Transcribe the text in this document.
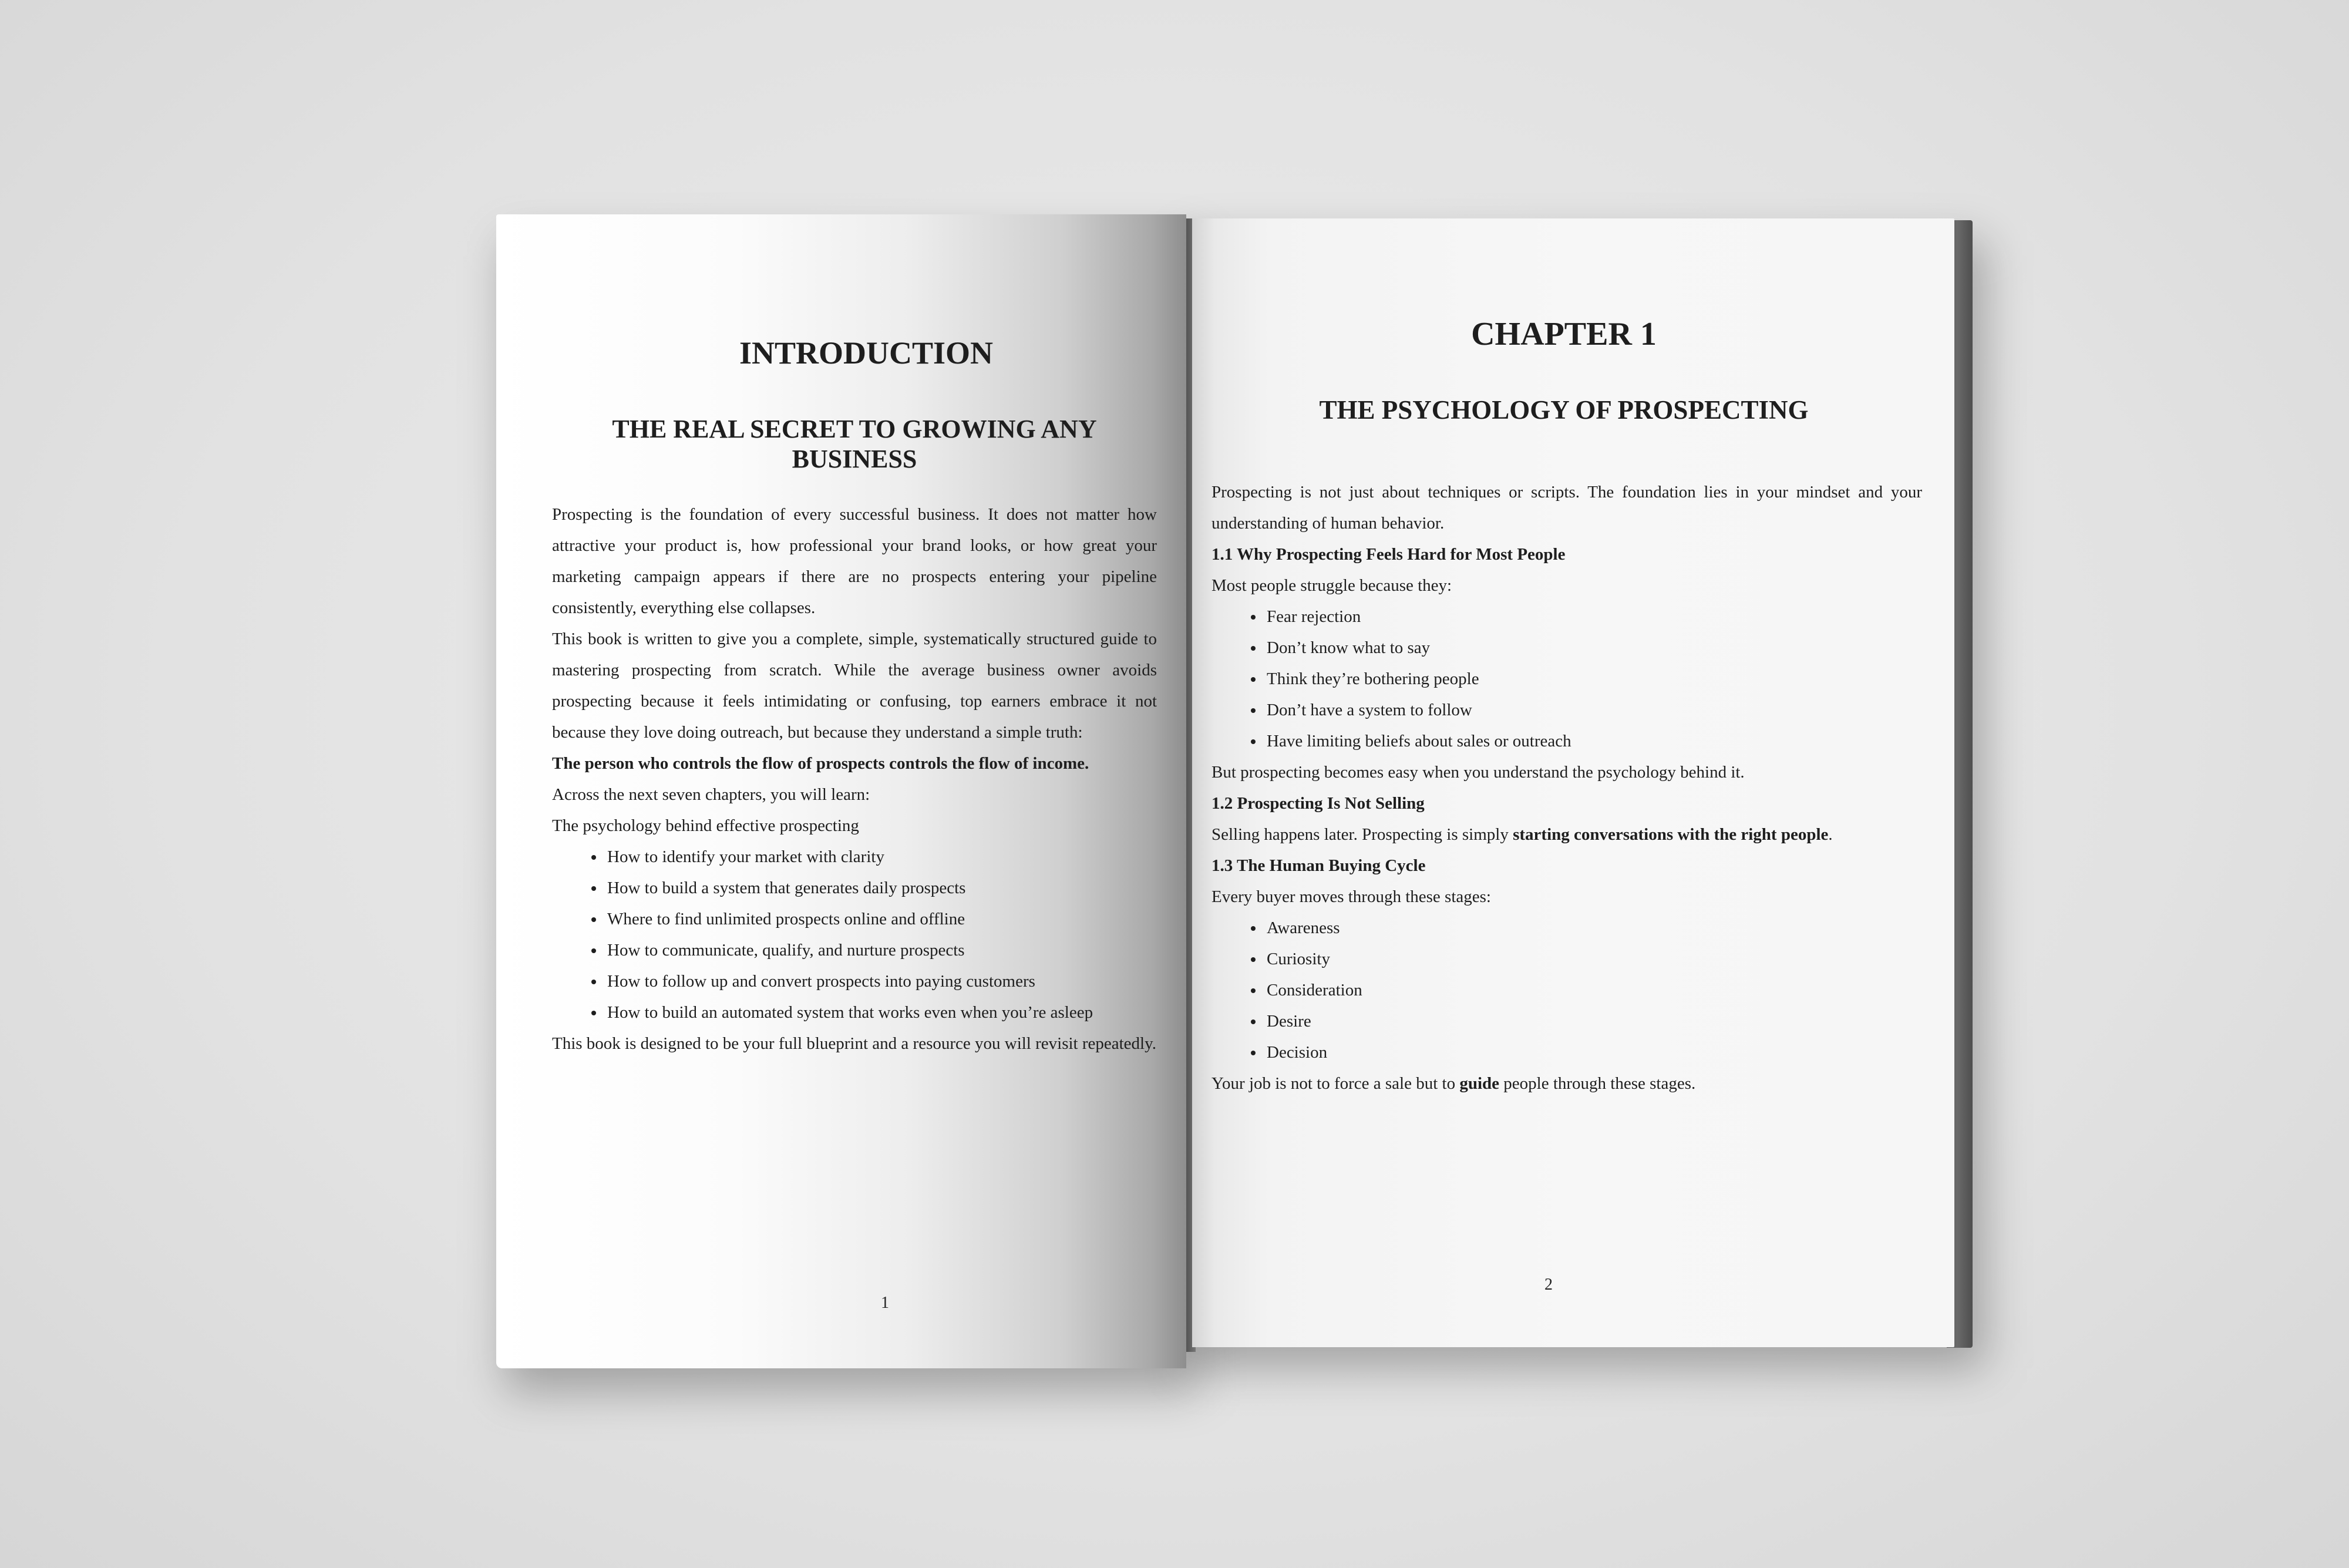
INTRODUCTION
THE REAL SECRET TO GROWING ANY BUSINESS

Prospecting is the foundation of every successful business. It does not matter how attractive your product is, how professional your brand looks, or how great your marketing campaign appears if there are no prospects entering your pipeline consistently, everything else collapses.

This book is written to give you a complete, simple, systematically structured guide to mastering prospecting from scratch. While the average business owner avoids prospecting because it feels intimidating or confusing, top earners embrace it not because they love doing outreach, but because they understand a simple truth:

The person who controls the flow of prospects controls the flow of income.

Across the next seven chapters, you will learn:

The psychology behind effective prospecting

• How to identify your market with clarity
• How to build a system that generates daily prospects
• Where to find unlimited prospects online and offline
• How to communicate, qualify, and nurture prospects
• How to follow up and convert prospects into paying customers
• How to build an automated system that works even when you’re asleep

This book is designed to be your full blueprint and a resource you will revisit repeatedly.

1
CHAPTER 1
THE PSYCHOLOGY OF PROSPECTING

Prospecting is not just about techniques or scripts. The foundation lies in your mindset and your understanding of human behavior.

1.1 Why Prospecting Feels Hard for Most People

Most people struggle because they:

• Fear rejection
• Don’t know what to say
• Think they’re bothering people
• Don’t have a system to follow
• Have limiting beliefs about sales or outreach

But prospecting becomes easy when you understand the psychology behind it.

1.2 Prospecting Is Not Selling

Selling happens later. Prospecting is simply starting conversations with the right people.

1.3 The Human Buying Cycle

Every buyer moves through these stages:

• Awareness
• Curiosity
• Consideration
• Desire
• Decision

Your job is not to force a sale but to guide people through these stages.

2
